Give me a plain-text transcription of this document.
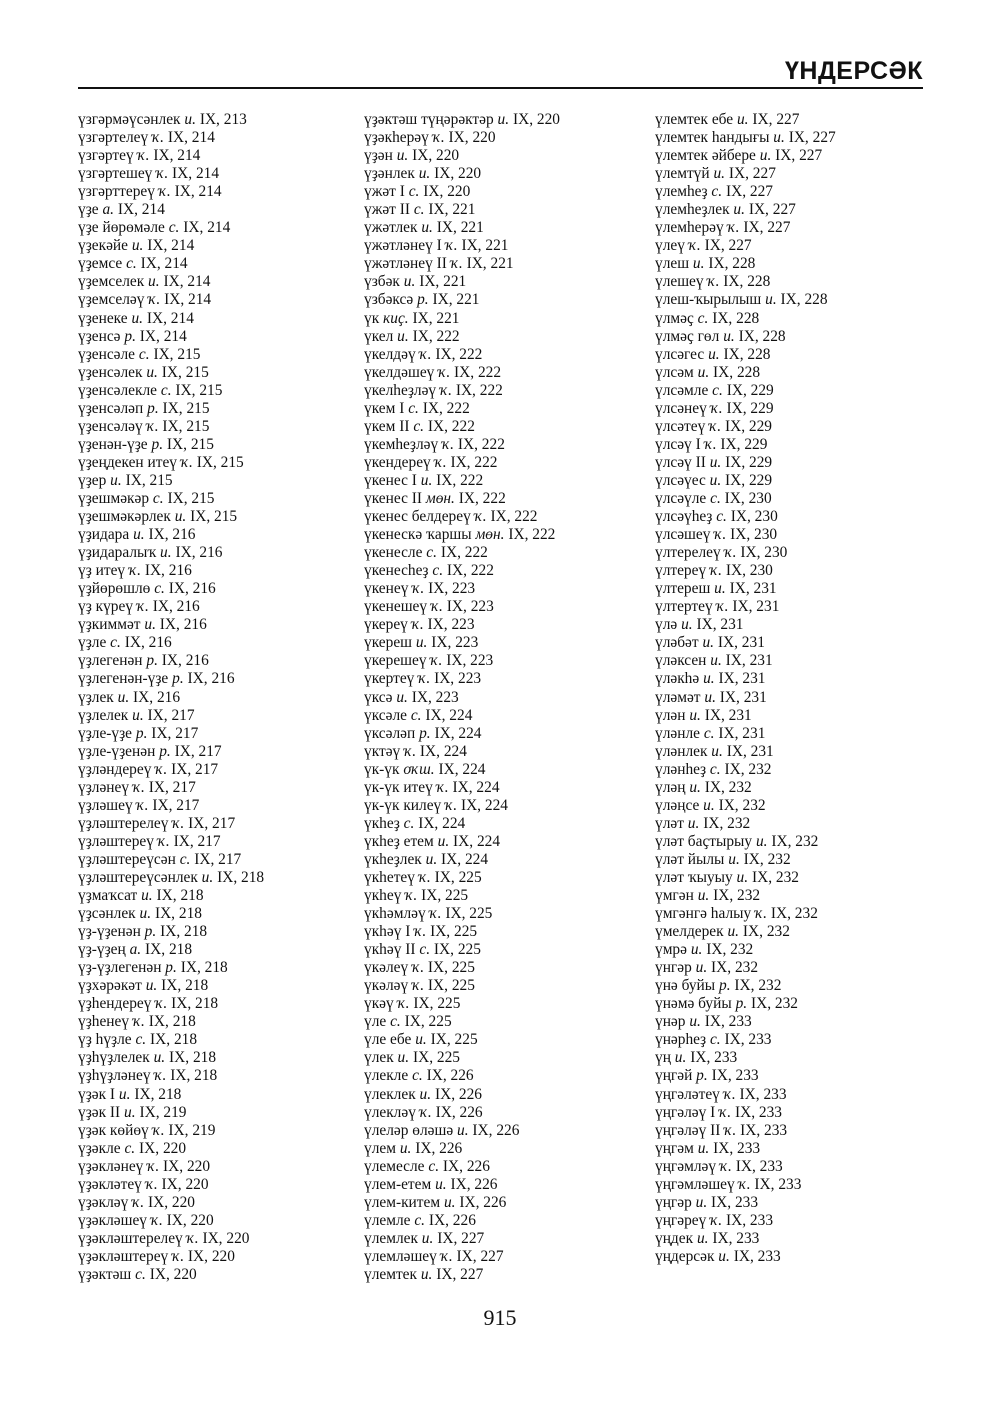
ҮНДЕРСӘК
үзгәрмәүсәнлек и. IX, 213
үзгәртелеү ҡ. IX, 214
үзгәртеү ҡ. IX, 214
үзгәртешеү ҡ. IX, 214
үзгәрттереү ҡ. IX, 214
үҙе а. IX, 214
үҙе йөрөмәле с. IX, 214
үҙекәйе и. IX, 214
үҙемсе с. IX, 214
үҙемселек и. IX, 214
үҙемселәү ҡ. IX, 214
үҙенеке и. IX, 214
үҙенсә р. IX, 214
үҙенсәле с. IX, 215
үҙенсәлек и. IX, 215
үҙенсәлекле с. IX, 215
үҙенсәләп р. IX, 215
үҙенсәләү ҡ. IX, 215
үҙенән-үҙе р. IX, 215
үҙеңдекен итеү ҡ. IX, 215
үҙер и. IX, 215
үҙешмәкәр с. IX, 215
үҙешмәкәрлек и. IX, 215
үҙидара и. IX, 216
үҙидаралыҡ и. IX, 216
үҙ итеү ҡ. IX, 216
үҙйөрөшлө с. IX, 216
үҙ күреү ҡ. IX, 216
үҙкиммәт и. IX, 216
үҙле с. IX, 216
үҙлегенән р. IX, 216
үҙлегенән-үҙе р. IX, 216
үҙлек и. IX, 216
үҙлелек и. IX, 217
үҙле-үҙе р. IX, 217
үҙле-үҙенән р. IX, 217
үҙләндереү ҡ. IX, 217
үҙләнеү ҡ. IX, 217
үҙләшеү ҡ. IX, 217
үҙләштерелеү ҡ. IX, 217
үҙләштереү ҡ. IX, 217
үҙләштереүсән с. IX, 217
үҙләштереүсәнлек и. IX, 218
үҙмаҡсат и. IX, 218
үҙсәнлек и. IX, 218
үҙ-үҙенән р. IX, 218
үҙ-үҙең а. IX, 218
үҙ-үҙлегенән р. IX, 218
үҙхәрәкәт и. IX, 218
үҙһендереү ҡ. IX, 218
үҙһенеү ҡ. IX, 218
үҙ һүҙле с. IX, 218
үҙһүҙлелек и. IX, 218
үҙһүҙләнеү ҡ. IX, 218
үҙәк I и. IX, 218
үҙәк II и. IX, 219
үҙәк көйөү ҡ. IX, 219
үҙәкле с. IX, 220
үҙәкләнеү ҡ. IX, 220
үҙәкләтеү ҡ. IX, 220
үҙәкләү ҡ. IX, 220
үҙәкләшеү ҡ. IX, 220
үҙәкләштерелеү ҡ. IX, 220
үҙәкләштереү ҡ. IX, 220
үҙәктәш с. IX, 220
үҙәктәш түңәрәктәр и. IX, 220
үҙәкһерәү ҡ. IX, 220
үҙән и. IX, 220
үҙәнлек и. IX, 220
үжәт I с. IX, 220
үжәт II с. IX, 221
үжәтлек и. IX, 221
үжәтләнеү I ҡ. IX, 221
үжәтләнеү II ҡ. IX, 221
үзбәк и. IX, 221
үзбәксә р. IX, 221
үк киҫ. IX, 221
үкел и. IX, 222
үкелдәү ҡ. IX, 222
үкелдәшеү ҡ. IX, 222
үкелһеҙләү ҡ. IX, 222
үкем I с. IX, 222
үкем II с. IX, 222
үкемһеҙләү ҡ. IX, 222
үкендереү ҡ. IX, 222
үкенес I и. IX, 222
үкенес II мөн. IX, 222
үкенес белдереү ҡ. IX, 222
үкенескә ҡаршы мөн. IX, 222
үкенесле с. IX, 222
үкенесһеҙ с. IX, 222
үкенеү ҡ. IX, 223
үкенешеү ҡ. IX, 223
үкереү ҡ. IX, 223
үкереш и. IX, 223
үкерешеү ҡ. IX, 223
үкертеү ҡ. IX, 223
үксә и. IX, 223
үксәле с. IX, 224
үксәләп р. IX, 224
үктәү ҡ. IX, 224
үк-үк оҡш. IX, 224
үк-үк итеү ҡ. IX, 224
үк-үк килеү ҡ. IX, 224
үкһеҙ с. IX, 224
үкһеҙ етем и. IX, 224
үкһеҙлек и. IX, 224
үкһетеү ҡ. IX, 225
үкһеү ҡ. IX, 225
үкһәмләү ҡ. IX, 225
үкһәү I ҡ. IX, 225
үкһәү II с. IX, 225
үкәлеү ҡ. IX, 225
үкәләү ҡ. IX, 225
үкәү ҡ. IX, 225
үле с. IX, 225
үле ебе и. IX, 225
үлек и. IX, 225
үлекле с. IX, 226
үлеклек и. IX, 226
үлекләү ҡ. IX, 226
үлеләр өләшә и. IX, 226
үлем и. IX, 226
үлемесле с. IX, 226
үлем-етем и. IX, 226
үлем-китем и. IX, 226
үлемле с. IX, 226
үлемлек и. IX, 227
үлемләшеү ҡ. IX, 227
үлемтек и. IX, 227
үлемтек ебе и. IX, 227
үлемтек һандығы и. IX, 227
үлемтек әйбере и. IX, 227
үлемтүй и. IX, 227
үлемһеҙ с. IX, 227
үлемһеҙлек и. IX, 227
үлемһерәү ҡ. IX, 227
үлеү ҡ. IX, 227
үлеш и. IX, 228
үлешеү ҡ. IX, 228
үлеш-ҡырылыш и. IX, 228
үлмәҫ с. IX, 228
үлмәҫ гөл и. IX, 228
үлсәгес и. IX, 228
үлсәм и. IX, 228
үлсәмле с. IX, 229
үлсәнеү ҡ. IX, 229
үлсәтеү ҡ. IX, 229
үлсәү I ҡ. IX, 229
үлсәү II и. IX, 229
үлсәүес и. IX, 229
үлсәүле с. IX, 230
үлсәүһеҙ с. IX, 230
үлсәшеү ҡ. IX, 230
үлтерелеү ҡ. IX, 230
үлтереү ҡ. IX, 230
үлтереш и. IX, 231
үлтертеү ҡ. IX, 231
үлә и. IX, 231
үләбәт и. IX, 231
үләксен и. IX, 231
үләкһә и. IX, 231
үләмәт и. IX, 231
үлән и. IX, 231
үләнле с. IX, 231
үләнлек и. IX, 231
үләнһеҙ с. IX, 232
үләң и. IX, 232
үләңсе и. IX, 232
үләт и. IX, 232
үләт баҫтырыу и. IX, 232
үләт йылы и. IX, 232
үләт ҡыуыу и. IX, 232
үмгән и. IX, 232
үмгәнгә һалыу ҡ. IX, 232
үмелдерек и. IX, 232
үмрә и. IX, 232
үнгәр и. IX, 232
үнә буйы р. IX, 232
үнәмә буйы р. IX, 232
үнәр и. IX, 233
үнәрһеҙ с. IX, 233
үң и. IX, 233
үңгәй р. IX, 233
үңгәләтеү ҡ. IX, 233
үңгәләү I ҡ. IX, 233
үңгәләү II ҡ. IX, 233
үңгәм и. IX, 233
үңгәмләү ҡ. IX, 233
үңгәмләшеү ҡ. IX, 233
үңгәр и. IX, 233
үңгәреү ҡ. IX, 233
үңдек и. IX, 233
үңдерсәк и. IX, 233
915
